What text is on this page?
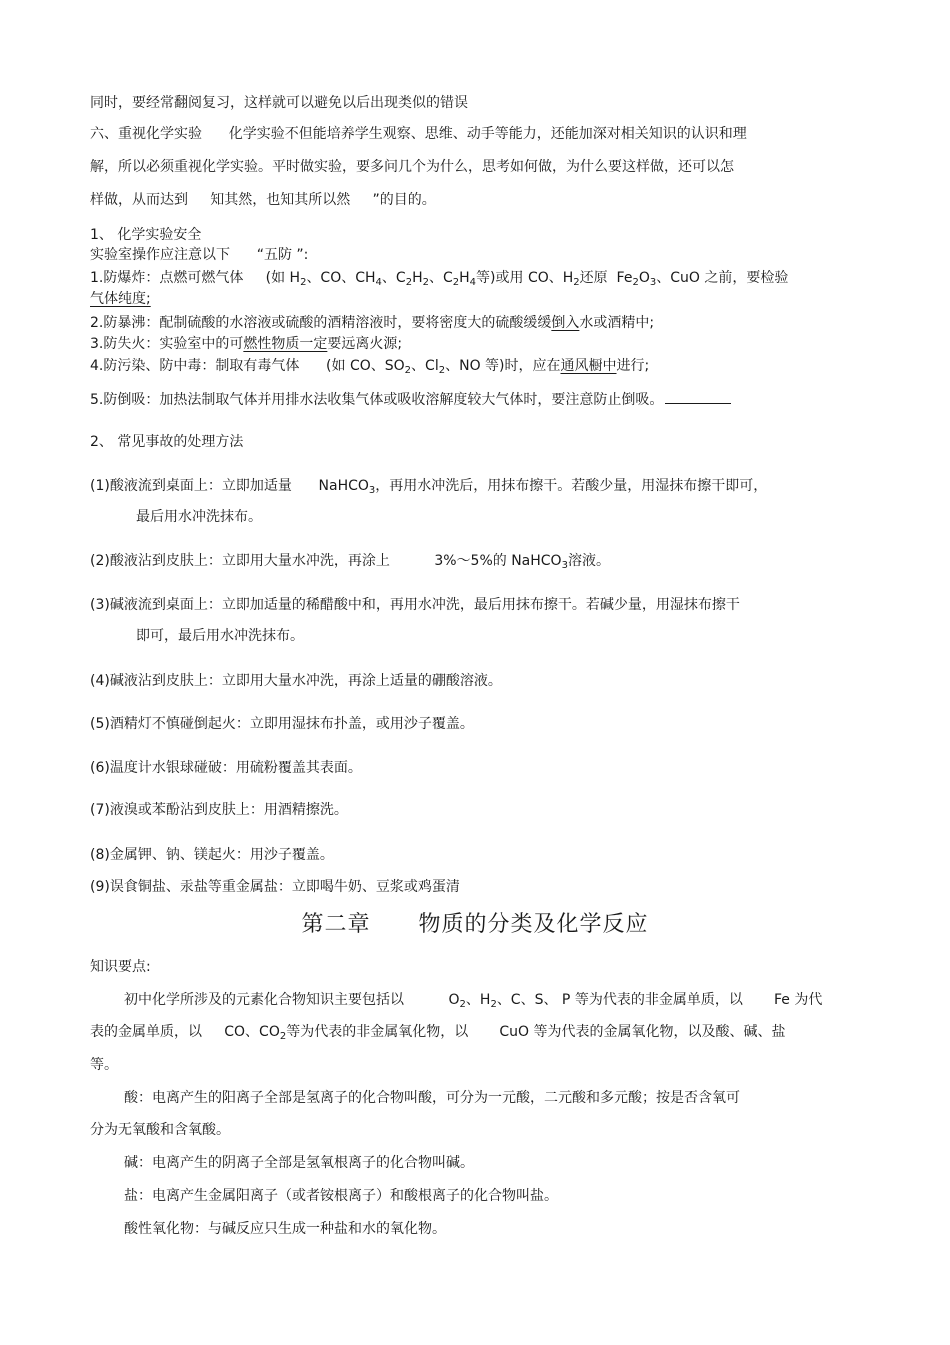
同时，要经常翻阅复习，这样就可以避免以后出现类似的错误
六、重视化学实验      化学实验不但能培养学生观察、思维、动手等能力，还能加深对相关知识的认识和理
解，所以必须重视化学实验。平时做实验，要多问几个为什么，思考如何做，为什么要这样做，还可以怎
样做，从而达到     知其然，也知其所以然     ”的目的。
1、 化学实验安全
实验室操作应注意以下      “五防 ”:
1.防爆炸：点燃可燃气体     (如 $H_2$、CO、$CH_4$、$C_2H_2$、$C_2H_4$等)或用 CO、$H_2$还原  $Fe_2O_3$、CuO 之前，要检验
气体纯度;
2.防暴沸：配制硫酸的水溶液或硫酸的酒精溶液时，要将密度大的硫酸缓缓倒入水或酒精中;
3.防失火：实验室中的可燃性物质一定要远离火源;
4.防污染、防中毒：制取有毒气体      (如 CO、$SO_2$、$Cl_2$、NO 等)时，应在通风橱中进行;
5.防倒吸：加热法制取气体并用排水法收集气体或吸收溶解度较大气体时，要注意防止倒吸。
2、 常见事故的处理方法
(1)酸液流到桌面上：立即加适量      NaHCO$_3$，再用水冲洗后，用抹布擦干。若酸少量，用湿抹布擦干即可，
最后用水冲洗抹布。
(2)酸液沾到皮肤上：立即用大量水冲洗，再涂上          3%～5%的 NaHCO$_3$溶液。
(3)碱液流到桌面上：立即加适量的稀醋酸中和，再用水冲洗，最后用抹布擦干。若碱少量，用湿抹布擦干
即可，最后用水冲洗抹布。
(4)碱液沾到皮肤上：立即用大量水冲洗，再涂上适量的硼酸溶液。
(5)酒精灯不慎碰倒起火：立即用湿抹布扑盖，或用沙子覆盖。
(6)温度计水银球碰破：用硫粉覆盖其表面。
(7)液溴或苯酚沾到皮肤上：用酒精擦洗。
(8)金属钾、钠、镁起火：用沙子覆盖。
(9)误食铜盐、汞盐等重金属盐：立即喝牛奶、豆浆或鸡蛋清
第二章      物质的分类及化学反应
知识要点:
初中化学所涉及的元素化合物知识主要包括以          $O_2$、$H_2$、C、S、 P 等为代表的非金属单质，以       Fe 为代
表的金属单质，以     CO、$CO_2$等为代表的非金属氧化物，以       CuO 等为代表的金属氧化物，以及酸、碱、盐
等。
酸：电离产生的阳离子全部是氢离子的化合物叫酸，可分为一元酸，二元酸和多元酸；按是否含氧可
分为无氧酸和含氧酸。
碱：电离产生的阴离子全部是氢氧根离子的化合物叫碱。
盐：电离产生金属阳离子（或者铵根离子）和酸根离子的化合物叫盐。
酸性氧化物：与碱反应只生成一种盐和水的氧化物。
